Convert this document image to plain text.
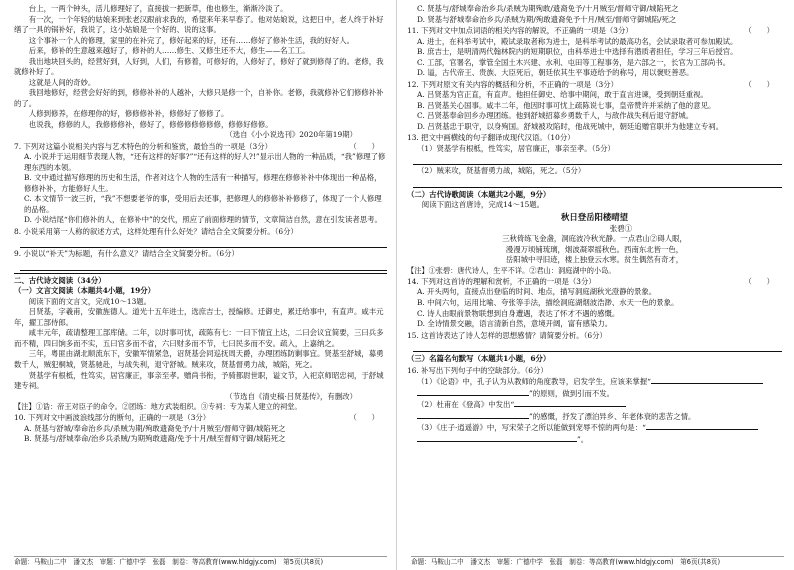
台上，一两个钟头，活儿修理好了，直接拔一把新草，他也修生，渐渐冷淡了。

有一次，一个年轻的姑娘来到张老汉跟前求我的，希望来年来早春了。他对姑娘说，这把日中，老人终于补好缮了一具的锅补好，我说了，这小姑娘是一个好的、说的这事。

这个事补一个人的修理，家里的在补完了，修好起来的好，还有……修好了修补生活，我的好好人。

后来，修补的生意越来越好了，修补的人……修生、又修生还不大，修生——名工工。

我出地块回头的，经营好到，人好到，人们，有修着，可修好的，人修好了，修好了就到修得了的。老修，我就修补好了。

这就是人间的奇妙。

我回地修好，经营会好好的到，修修补补的人越补，大修只是修一个，自补你。老修，我就修补它们修修补补的了。

人修到修养，在修理你的好，修修修补补，修修好了修修了。

也说我，修修的人，我修修修补，修好了，修修修修修修修，修修好修修。

（选自《小小说选刊》2020年第19期）

（　　）
7. 下列对这篇小说相关内容与艺术特色的分析和鉴赏，最恰当的一项是（3分）

A. 小说并于运用细节表现人物，“还有这样的好事?”“还有这样的好人?!”显示出人物的一种品质，“我”修理了修理东西的本领。

B. 文中通过描写修理的历史和生活，作者对这个人物的生活有一种描写，修理在修修补补中体现出一种品格，修修补补，方能修好人生。

C. 本文情节一波三折，“我”不想要老爷的事，受用后去还事，把修理人的修修补补修修了，体现了一个人修理的品格。

D. 小说结尾“你们修补的人，在修补中”的交代，照应了前面修理的情节，文章简洁自然，意在引发读者思考。

8. 小说采用第一人称的叙述方式，这样处理有什么好处？请结合全文简要分析。（6分）

9. 小说以“补天”为标题，有什么意义？请结合全文简要分析。（6分）

二、古代诗文阅读（34分）

（一）文言文阅读（本题共4小题，19分）

阅读下面的文言文，完成10～13题。

吕贤基，字羲甫，安徽旌德人。道光十五年进士，选庶吉士，授编修。迁御史，累迁给事中，有直声。咸丰元年，擢工部侍郎。

咸丰元年，疏请整理工部库储。二年，以时事可忧，疏陈有七：一曰下情宜上达，二曰会议宜简要，三曰兵多而不精，四曰饷多而不实，五曰官多而不省，六曰财多而不节，七曰民多而不安。疏入，上嘉纳之。

三年，粤匪由湖北顺流东下，安徽军情紧急，诏贤基会同巡抚周天爵，办理团练防剿事宜。贤基至舒城，募勇数千人，贼犯桐城，贤基驰赴，与战失利，退守舒城。贼来攻，贤基督勇力战，城陷，死之。

贤基学有根柢，性笃实，居官廉正，事亲至孝。赠尚书衔，予骑都尉世职，谥文节，入祀京师昭忠祠，于舒城建专祠。

（节选自《清史稿·吕贤基传》，有删改）

【注】①诰：帝王对臣子的命令。②团练：地方武装组织。③专祠：专为某人建立的祠堂。

（　　）
10. 下列对文中画波浪线部分的断句，正确的一项是（3分）

A. 贤基与舒城/奉命治乡兵/杀贼为期/殉敢遗裔免予/十月贼至/督师守御/城陷死之

B. 贤基与/舒城奉命/治乡兵杀贼/为期殉敢遗裔/免予十月/贼至督师守御/城陷死之

命题：马鞍山二中　潘文杰　审题：广德中学　张磊　制卷：等高教育(www.hldgjy.com)　第5页(共8页)

C. 贤基与/舒城奉命治乡兵/杀贼为期殉敢/遗裔免予/十月贼至/督师守御/城陷死之

D. 贤基与舒城奉命治乡兵/杀贼为期/殉敢遗裔免予十月/贼至/督师守御城陷/死之

（　　）
11. 下列对文中加点词语的相关内容的解说，不正确的一项是（3分）

A. 进士，在科举考试中，殿试录取者称为进士，是科举考试的最高功名，会试录取者可参加殿试。

B. 庶吉士，是明清两代翰林院内的短期职位，由科举进士中选择有潜质者担任，学习三年后授官。

C. 工部，官署名，掌管全国土木兴建、水利、屯田等工程事务，是六部之一，长官为工部尚书。

D. 谥，古代帝王、贵族、大臣死后，朝廷依其生平事迹给予的称号，用以褒贬善恶。

（　　）
12. 下列对原文有关内容的概括和分析，不正确的一项是（3分）

A. 吕贤基为官正直，有直声。他担任御史、给事中期间，敢于直言进谏，受到朝廷重视。

B. 吕贤基关心国事。咸丰二年，他因时事可忧上疏陈说七事，皇帝赞许并采纳了他的意见。

C. 吕贤基奉命回乡办理团练。他到舒城招募乡勇数千人，与敌作战失利后退守舒城。

D. 吕贤基忠于职守，以身殉国。舒城被攻陷时，他战死城中，朝廷追赠官职并为他建立专祠。

13. 把文中画横线的句子翻译成现代汉语。（10分）

（1）贤基学有根柢，性笃实，居官廉正，事亲至孝。（5分）

（2）贼来攻，贤基督勇力战，城陷，死之。（5分）

（二）古代诗歌阅读（本题共2小题，9分）

阅读下面这首唐诗，完成14～15题。

秋日登岳阳楼晴望

张碧①

三秋倚练飞金盏，洞庭波冷秋光静。一点君山②碍人眼，

漫漫万顷铺琉璃，烟波凝翠摇秋色。西南东北皆一色，

岳阳城中寻旧迹，楼上独登云水寒。贫生偶然有奇才，

【注】①张碧：唐代诗人，生平不详。②君山：洞庭湖中的小岛。

（　　）
14. 下列对这首诗的理解和赏析，不正确的一项是（3分）

A. 开头两句，直接点出登临的时间、地点，描写洞庭湖秋光澄静的景象。

B. 中间六句，运用比喻、夸张等手法，描绘洞庭湖烟波浩渺、水天一色的景象。

C. 诗人由眼前景物联想到自身遭遇，表达了怀才不遇的感慨。

D. 全诗情景交融，语言清新自然，意境开阔，富有感染力。

15. 这首诗表达了诗人怎样的思想感情？请简要分析。（6分）

（三）名篇名句默写（本题共1小题，6分）

16. 补写出下列句子中的空缺部分。（6分）

（1）《论语》中，孔子认为从教师的角度教导，启发学生，应该来掌握“

”的原则，做到引而不发。

（2）杜甫在《登高》中发出“

”的感慨，抒发了漂泊异乡、年老体衰的悲苦之情。

（3）《庄子·逍遥游》中，写宋荣子之所以能做到宠辱不惊的两句是：“

”。

命题：马鞍山二中　潘文杰　审题：广德中学　张磊　制卷：等高教育(www.hldgjy.com)　第6页(共8页)
